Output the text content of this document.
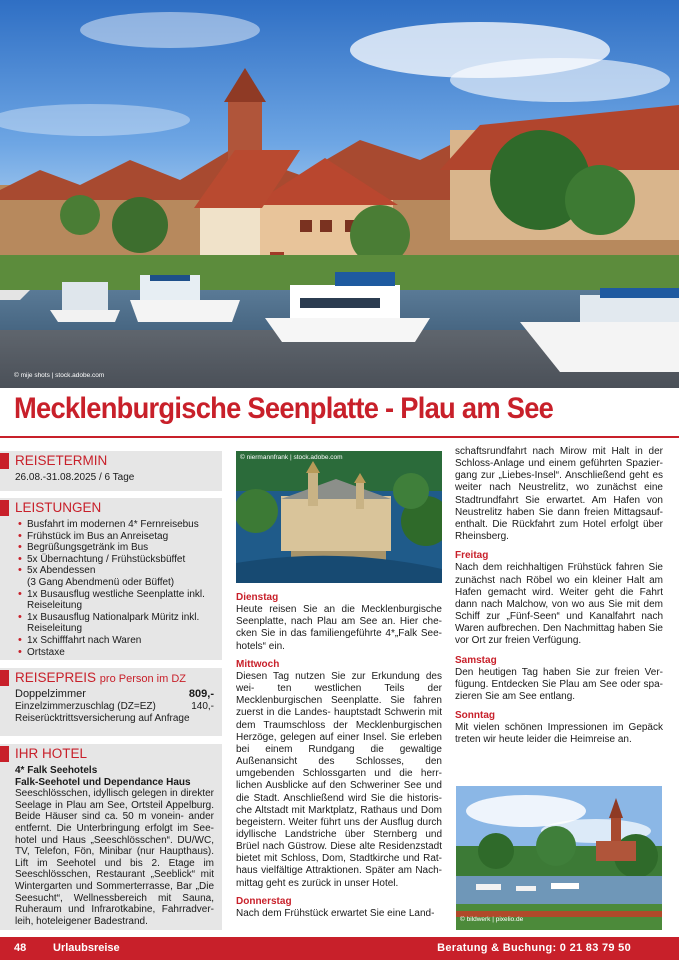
© mije shots | stock.adobe.com
Mecklenburgische Seenplatte - Plau am See
REISETERMIN
26.08.-31.08.2025 / 6 Tage
LEISTUNGEN
• Busfahrt im modernen 4* Fernreisebus
• Frühstück im Bus an Anreisetag
• Begrüßungsgetränk im Bus
• 5x Übernachtung / Frühstücksbüffet
• 5x Abendessen
(3 Gang Abendmenü oder Büffet)
• 1x Busausflug westliche Seenplatte inkl.
Reiseleitung
• 1x Busausflug Nationalpark Müritz inkl.
Reiseleitung
• 1x Schifffahrt nach Waren
• Ortstaxe
REISEPREIS pro Person im DZ
Doppelzimmer	809,-
Einzelzimmerzuschlag (DZ=EZ)	140,-
Reiserücktrittsversicherung auf Anfrage
IHR HOTEL
4* Falk Seehotels
Falk-Seehotel und Dependance Haus
Seeschlösschen, idyllisch gelegen in direkter Seelage in Plau am See, Ortsteil Appelburg. Beide Häuser sind ca. 50 m vonein- ander entfernt. Die Unterbringung erfolgt im See- hotel und Haus „Seeschlösschen“. DU/WC, TV, Telefon, Fön, Minibar (nur Haupthaus). Lift im Seehotel und bis 2. Etage im Seeschlösschen, Restaurant „Seeblick“ mit Wintergarten und Sommerterrasse, Bar „Die Seesucht“, Wellnessbereich mit Sauna, Ruheraum und Infrarotkabine, Fahrradver- leih, hoteleigener Badestrand.
© niermannfrank | stock.adobe.com
Dienstag
Heute reisen Sie an die Mecklenburgische Seenplatte, nach Plau am See an. Hier che- cken Sie in das familiengeführte 4*„Falk See- hotels“ ein.
Mittwoch
Diesen Tag nutzen Sie zur Erkundung des wei- ten westlichen Teils der Mecklenburgischen Seenplatte. Sie fahren zuerst in die Landes- hauptstadt Schwerin mit dem Traumschloss der Mecklenburgischen Herzöge, gelegen auf einer Insel. Sie erleben bei einem Rundgang die gewaltige Außenansicht des Schlosses, den umgebenden Schlossgarten und die herr- lichen Ausblicke auf den Schweriner See und die Stadt. Anschließend wird Sie die historis- che Altstadt mit Marktplatz, Rathaus und Dom begeistern. Weiter führt uns der Ausflug durch idyllische Landstriche über Sternberg und Brüel nach Güstrow. Diese alte Residenzstadt bietet mit Schloss, Dom, Stadtkirche und Rat- haus vielfältige Attraktionen. Später am Nach- mittag geht es zurück in unser Hotel.
Donnerstag
Nach dem Frühstück erwartet Sie eine Land-
schaftsrundfahrt nach Mirow mit Halt in der Schloss-Anlage und einem geführten Spazier- gang zur „Liebes-Insel“. Anschließend geht es weiter nach Neustrelitz, wo zunächst eine Stadtrundfahrt Sie erwartet. Am Hafen von Neustrelitz haben Sie dann freien Mittagsauf- enthalt. Die Rückfahrt zum Hotel erfolgt über Rheinsberg.
Freitag
Nach dem reichhaltigen Frühstück fahren Sie zunächst nach Röbel wo ein kleiner Halt am Hafen gemacht wird. Weiter geht die Fahrt dann nach Malchow, von wo aus Sie mit dem Schiff zur „Fünf-Seen“ und Kanalfahrt nach Waren aufbrechen. Den Nachmittag haben Sie vor Ort zur freien Verfügung.
Samstag
Den heutigen Tag haben Sie zur freien Ver- fügung. Entdecken Sie Plau am See oder spa- zieren Sie am See entlang.
Sonntag
Mit vielen schönen Impressionen im Gepäck treten wir heute leider die Heimreise an.
© bildwerk | pixelio.de
48 Urlaubsreise	Beratung & Buchung: 0 21 83 79 50
